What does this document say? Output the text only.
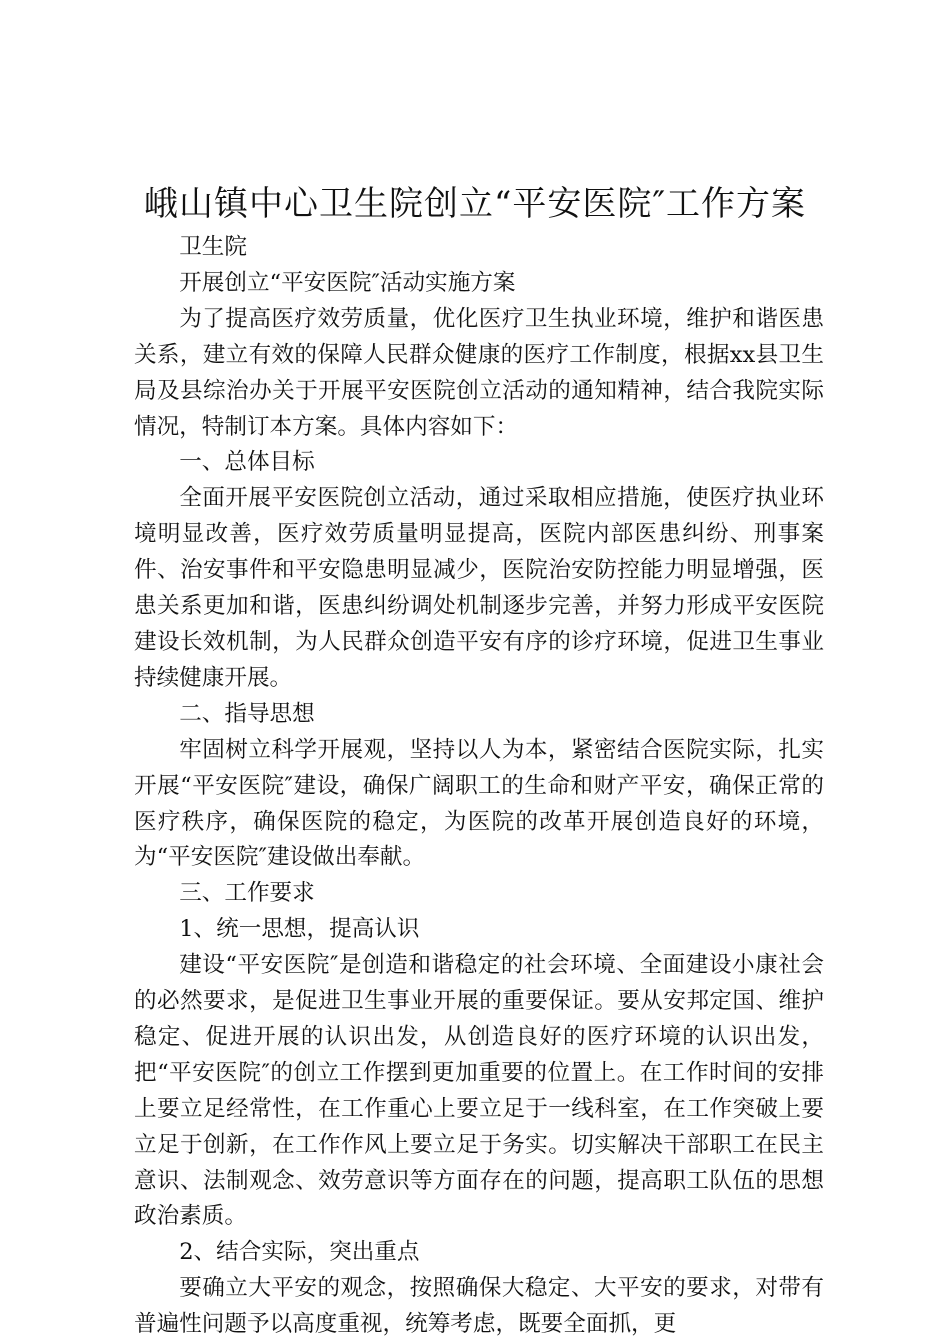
峨山镇中心卫生院创立“平安医院″工作方案

卫生院

开展创立“平安医院″活动实施方案

为了提高医疗效劳质量，优化医疗卫生执业环境，维护和谐医患关系，建立有效的保障人民群众健康的医疗工作制度，根据xx县卫生局及县综治办关于开展平安医院创立活动的通知精神，结合我院实际情况，特制订本方案。具体内容如下：

一、总体目标

全面开展平安医院创立活动，通过采取相应措施，使医疗执业环境明显改善，医疗效劳质量明显提高，医院内部医患纠纷、刑事案件、治安事件和平安隐患明显减少，医院治安防控能力明显增强，医患关系更加和谐，医患纠纷调处机制逐步完善，并努力形成平安医院建设长效机制，为人民群众创造平安有序的诊疗环境，促进卫生事业持续健康开展。

二、指导思想

牢固树立科学开展观，坚持以人为本，紧密结合医院实际，扎实开展“平安医院″建设，确保广阔职工的生命和财产平安，确保正常的医疗秩序，确保医院的稳定，为医院的改革开展创造良好的环境，为“平安医院″建设做出奉献。

三、工作要求

1、统一思想，提高认识

建设“平安医院″是创造和谐稳定的社会环境、全面建设小康社会的必然要求，是促进卫生事业开展的重要保证。要从安邦定国、维护稳定、促进开展的认识出发，从创造良好的医疗环境的认识出发，把“平安医院″的创立工作摆到更加重要的位置上。在工作时间的安排上要立足经常性，在工作重心上要立足于一线科室，在工作突破上要立足于创新，在工作作风上要立足于务实。切实解决干部职工在民主意识、法制观念、效劳意识等方面存在的问题，提高职工队伍的思想政治素质。

2、结合实际，突出重点

要确立大平安的观念，按照确保大稳定、大平安的要求，对带有普遍性问题予以高度重视，统筹考虑，既要全面抓，更
